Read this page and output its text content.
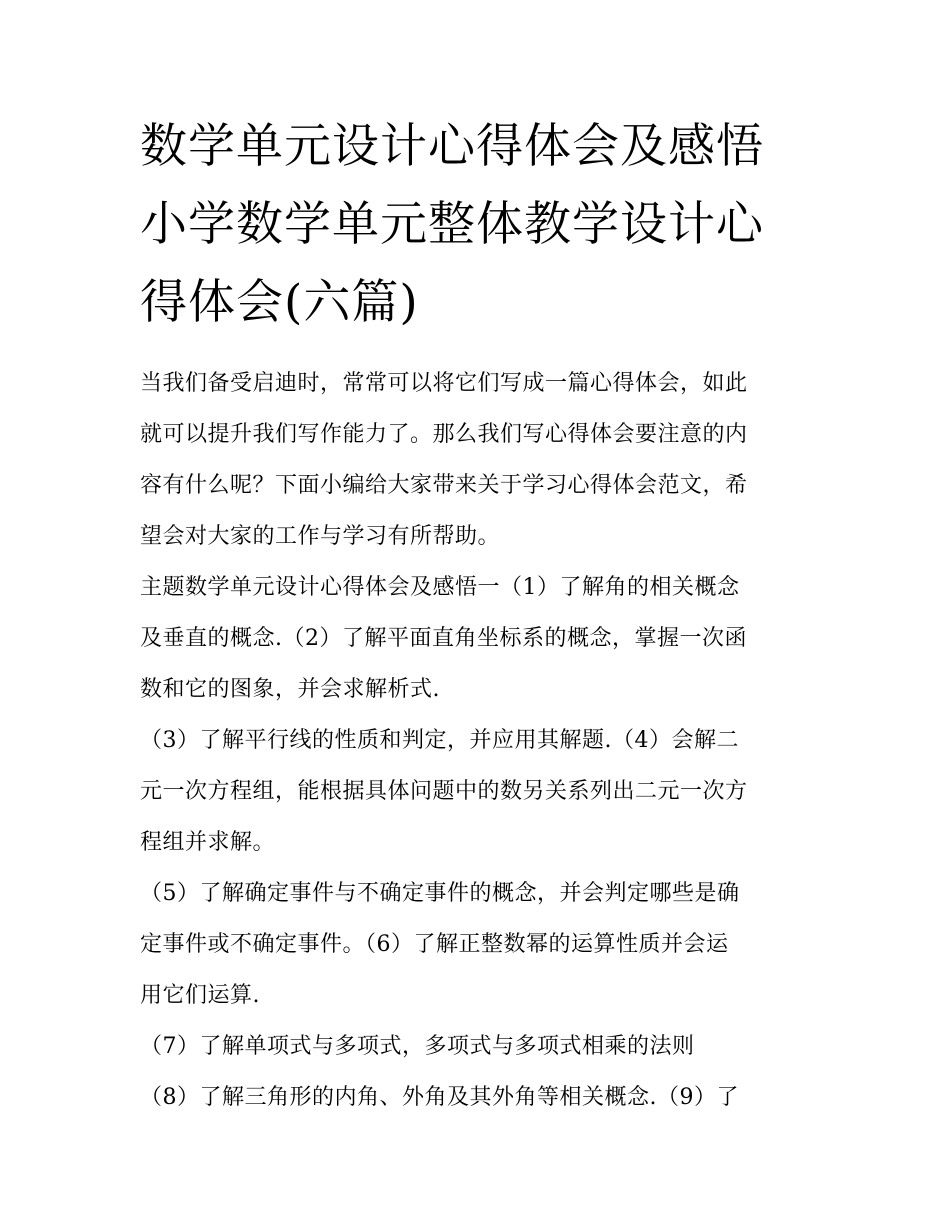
数学单元设计心得体会及感悟
小学数学单元整体教学设计心
得体会(六篇)

当我们备受启迪时，常常可以将它们写成一篇心得体会，如此
就可以提升我们写作能力了。那么我们写心得体会要注意的内
容有什么呢？下面小编给大家带来关于学习心得体会范文，希
望会对大家的工作与学习有所帮助。

主题数学单元设计心得体会及感悟一（1）了解角的相关概念
及垂直的概念.（2）了解平面直角坐标系的概念，掌握一次函
数和它的图象，并会求解析式.

（3）了解平行线的性质和判定，并应用其解题.（4）会解二
元一次方程组，能根据具体问题中的数另关系列出二元一次方
程组并求解。

（5）了解确定事件与不确定事件的概念，并会判定哪些是确
定事件或不确定事件。（6）了解正整数幂的运算性质并会运
用它们运算.

（7）了解单项式与多项式，多项式与多项式相乘的法则

（8）了解三角形的内角、外角及其外角等相关概念.（9）了
